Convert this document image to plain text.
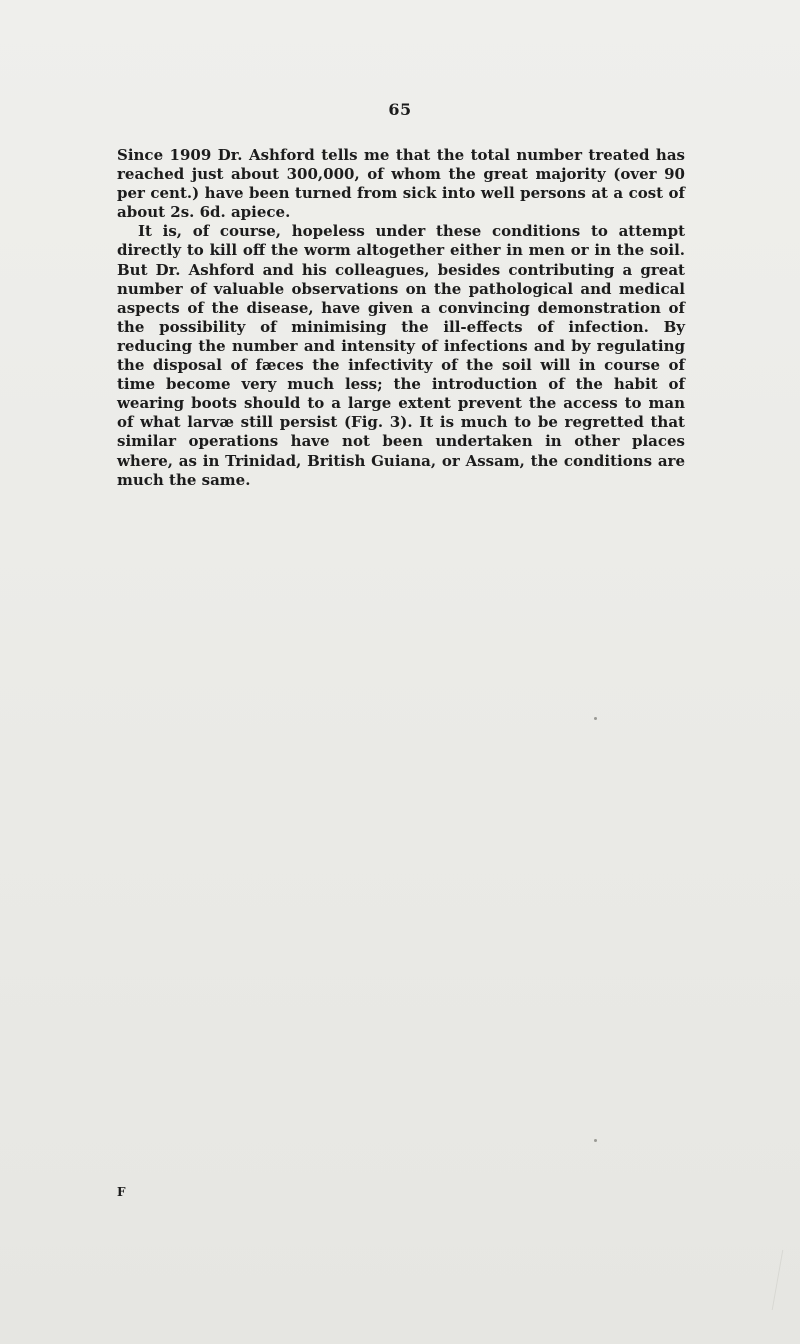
65

Since 1909 Dr. Ashford tells me that the total number treated has reached just about 300,000, of whom the great majority (over 90 per cent.) have been turned from sick into well persons at a cost of about 2s. 6d. apiece.

It is, of course, hopeless under these conditions to attempt directly to kill off the worm altogether either in men or in the soil. But Dr. Ashford and his colleagues, besides contributing a great number of valuable observations on the pathological and medical aspects of the disease, have given a convincing demonstration of the possibility of minimising the ill-effects of infection. By reducing the number and intensity of infections and by regulating the disposal of fæces the infectivity of the soil will in course of time become very much less; the introduction of the habit of wearing boots should to a large extent prevent the access to man of what larvæ still persist (Fig. 3). It is much to be regretted that similar operations have not been undertaken in other places where, as in Trinidad, British Guiana, or Assam, the conditions are much the same.

F
